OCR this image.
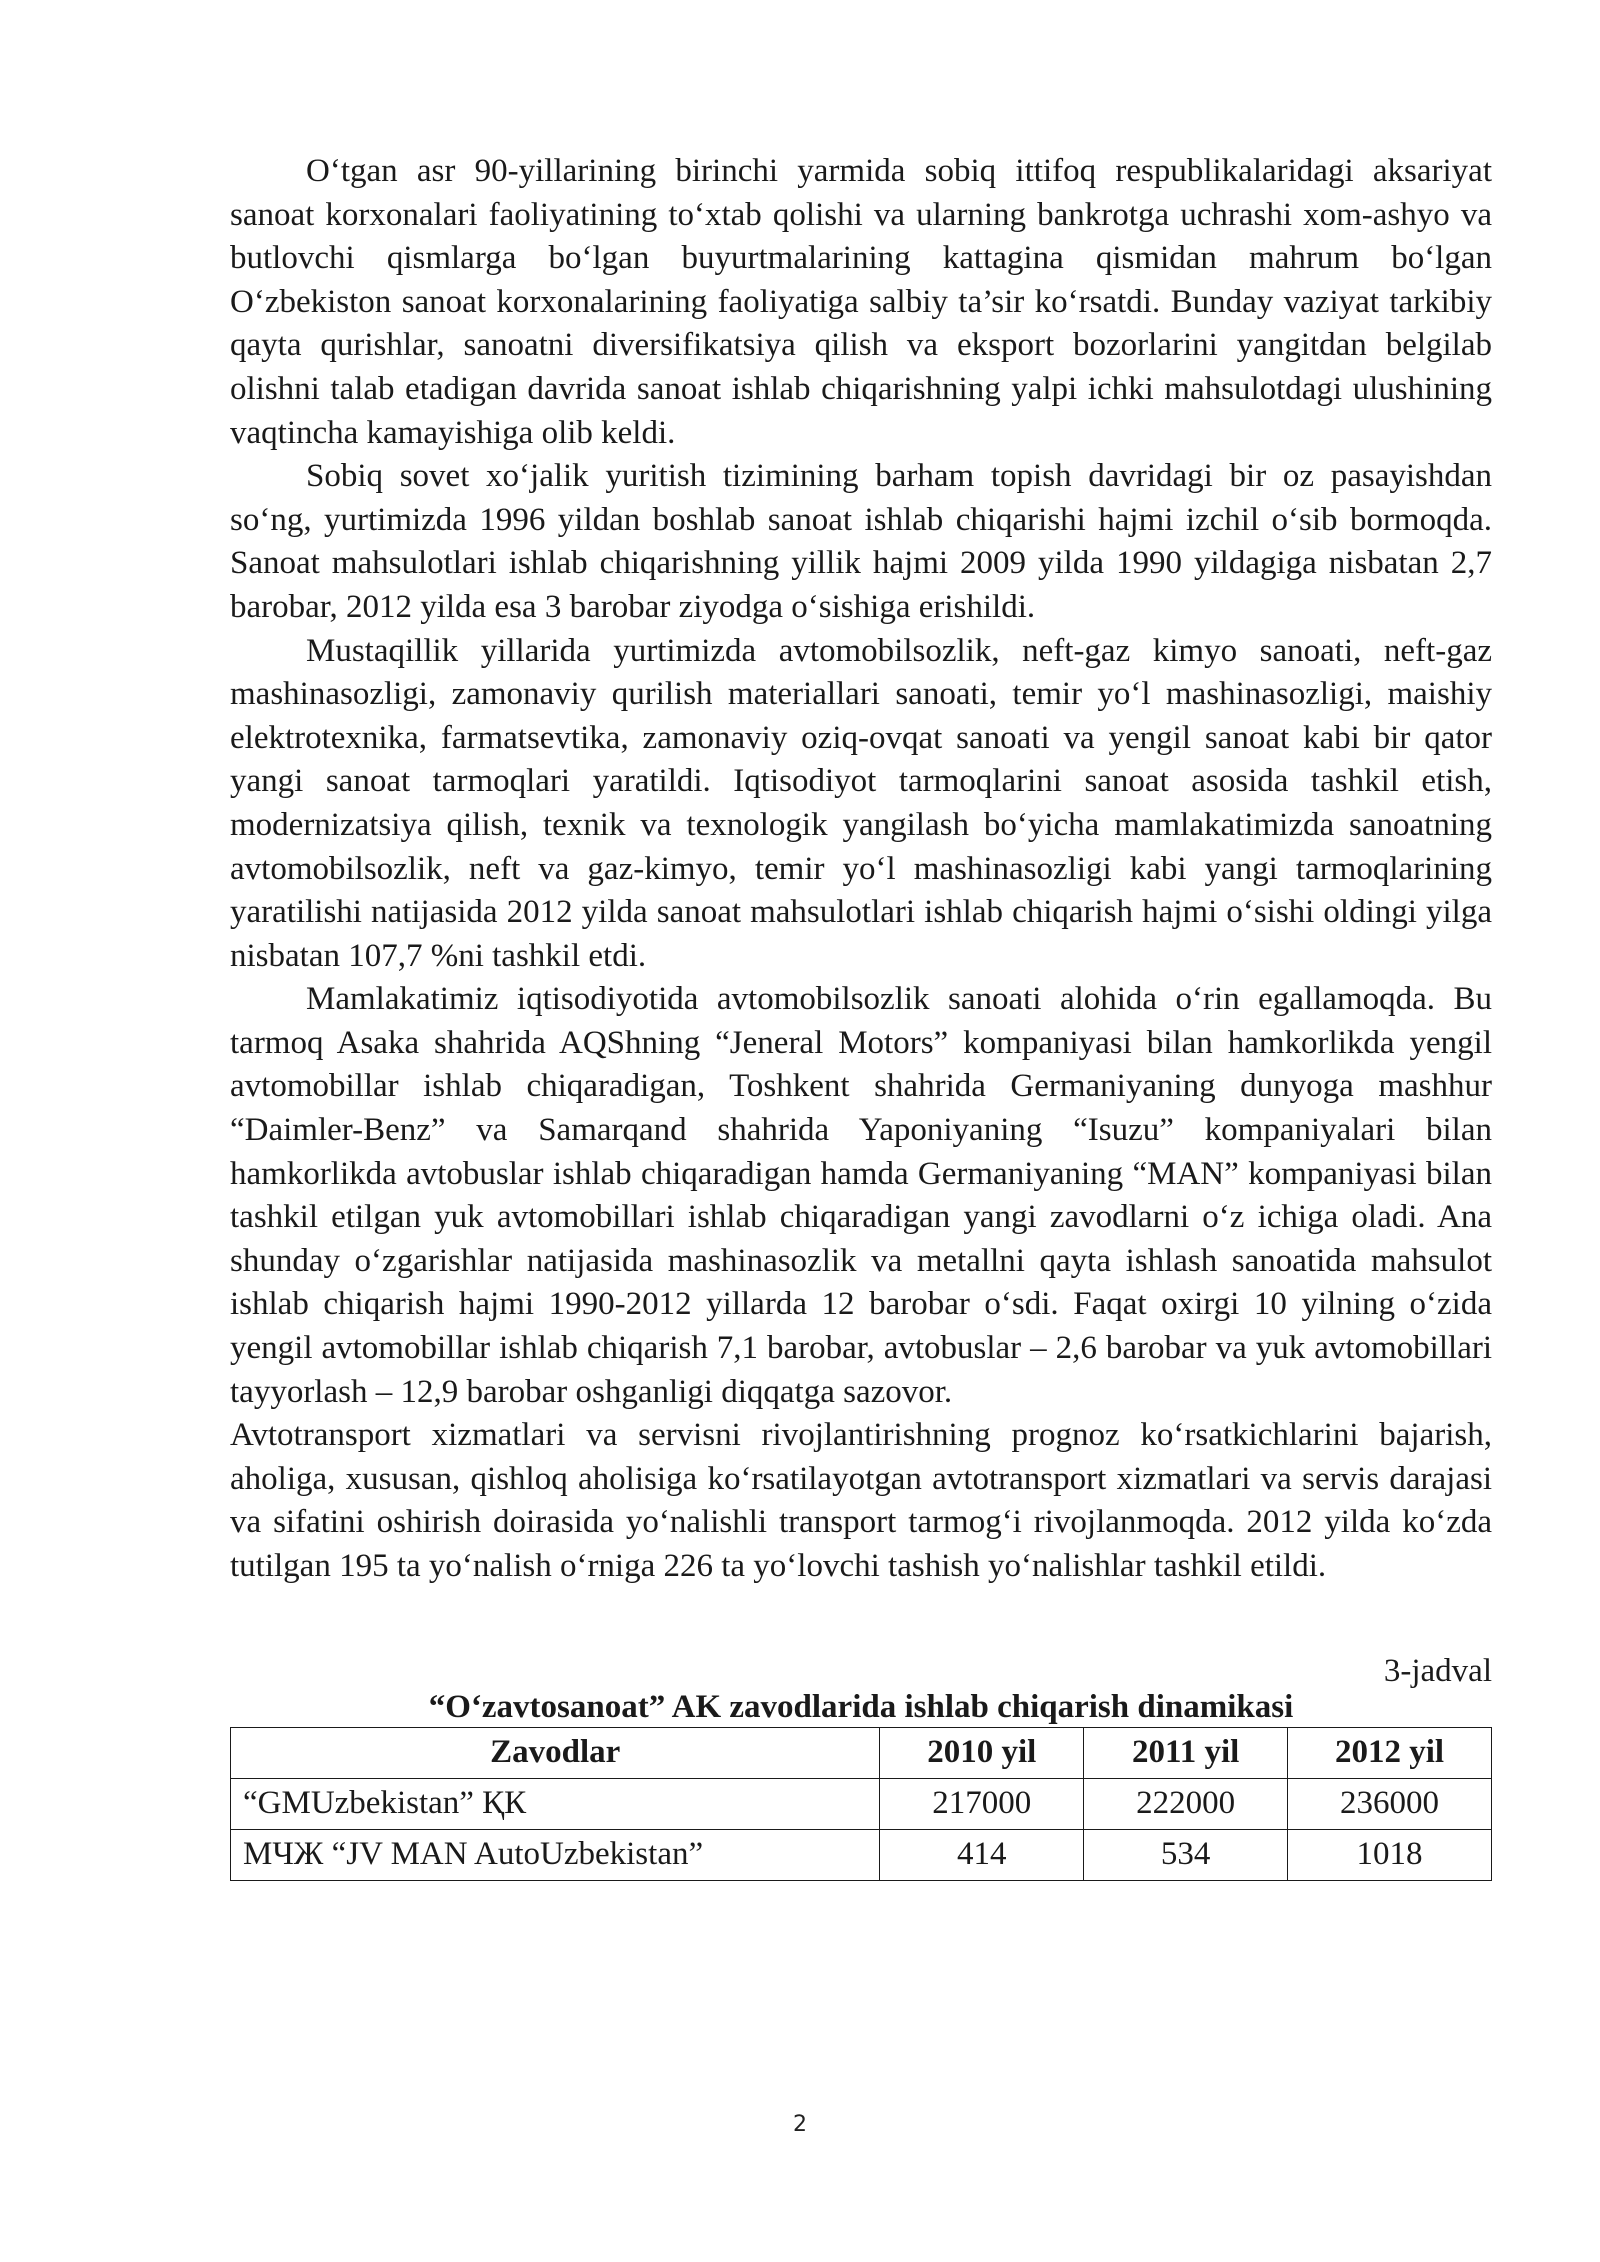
O‘tgan asr 90-yillarining birinchi yarmida sobiq ittifoq respublikalaridagi aksariyat sanoat korxonalari faoliyatining to‘xtab qolishi va ularning bankrotga uchrashi xom-ashyo va butlovchi qismlarga bo‘lgan buyurtmalarining kattagina qismidan mahrum bo‘lgan O‘zbekiston sanoat korxonalarining faoliyatiga salbiy ta’sir ko‘rsatdi. Bunday vaziyat tarkibiy qayta qurishlar, sanoatni diversifikatsiya qilish va eksport bozorlarini yangitdan belgilab olishni talab etadigan davrida sanoat ishlab chiqarishning yalpi ichki mahsulotdagi ulushining vaqtincha kamayishiga olib keldi.

Sobiq sovet xo‘jalik yuritish tizimining barham topish davridagi bir oz pasayishdan so‘ng, yurtimizda 1996 yildan boshlab sanoat ishlab chiqarishi hajmi izchil o‘sib bormoqda. Sanoat mahsulotlari ishlab chiqarishning yillik hajmi 2009 yilda 1990 yildagiga nisbatan 2,7 barobar, 2012 yilda esa 3 barobar ziyodga o‘sishiga erishildi.

Mustaqillik yillarida yurtimizda avtomobilsozlik, neft-gaz kimyo sanoati, neft-gaz mashinasozligi, zamonaviy qurilish materiallari sanoati, temir yo‘l mashinasozligi, maishiy elektrotexnika, farmatsevtika, zamonaviy oziq-ovqat sanoati va yengil sanoat kabi bir qator yangi sanoat tarmoqlari yaratildi. Iqtisodiyot tarmoqlarini sanoat asosida tashkil etish, modernizatsiya qilish, texnik va texnologik yangilash bo‘yicha mamlakatimizda sanoatning avtomobilsozlik, neft va gaz-kimyo, temir yo‘l mashinasozligi kabi yangi tarmoqlarining yaratilishi natijasida 2012 yilda sanoat mahsulotlari ishlab chiqarish hajmi o‘sishi oldingi yilga nisbatan 107,7 %ni tashkil etdi.

Mamlakatimiz iqtisodiyotida avtomobilsozlik sanoati alohida o‘rin egallamoqda. Bu tarmoq Asaka shahrida AQShning “Jeneral Motors” kompaniyasi bilan hamkorlikda yengil avtomobillar ishlab chiqaradigan, Toshkent shahrida Germaniyaning dunyoga mashhur “Daimler-Benz” va Samarqand shahrida Yaponiyaning “Isuzu” kompaniyalari bilan hamkorlikda avtobuslar ishlab chiqaradigan hamda Germaniyaning “MAN” kompaniyasi bilan tashkil etilgan yuk avtomobillari ishlab chiqaradigan yangi zavodlarni o‘z ichiga oladi. Ana shunday o‘zgarishlar natijasida mashinasozlik va metallni qayta ishlash sanoatida mahsulot ishlab chiqarish hajmi 1990-2012 yillarda 12 barobar o‘sdi. Faqat oxirgi 10 yilning o‘zida yengil avtomobillar ishlab chiqarish 7,1 barobar, avtobuslar – 2,6 barobar va yuk avtomobillari tayyorlash – 12,9 barobar oshganligi diqqatga sazovor.

Avtotransport xizmatlari va servisni rivojlantirishning prognoz ko‘rsatkichlarini bajarish, aholiga, xususan, qishloq aholisiga ko‘rsatilayotgan avtotransport xizmatlari va servis darajasi va sifatini oshirish doirasida yo‘nalishli transport tarmog‘i rivojlanmoqda. 2012 yilda ko‘zda tutilgan 195 ta yo‘nalish o‘rniga 226 ta yo‘lovchi tashish yo‘nalishlar tashkil etildi.

3-jadval

“O‘zavtosanoat” AK zavodlarida ishlab chiqarish dinamikasi

Zavodlar	2010 yil	2011 yil	2012 yil
“GMUzbekistan” ҚК	217000	222000	236000
МЧЖ “JV MAN AutoUzbekistan”	414	534	1018
2
